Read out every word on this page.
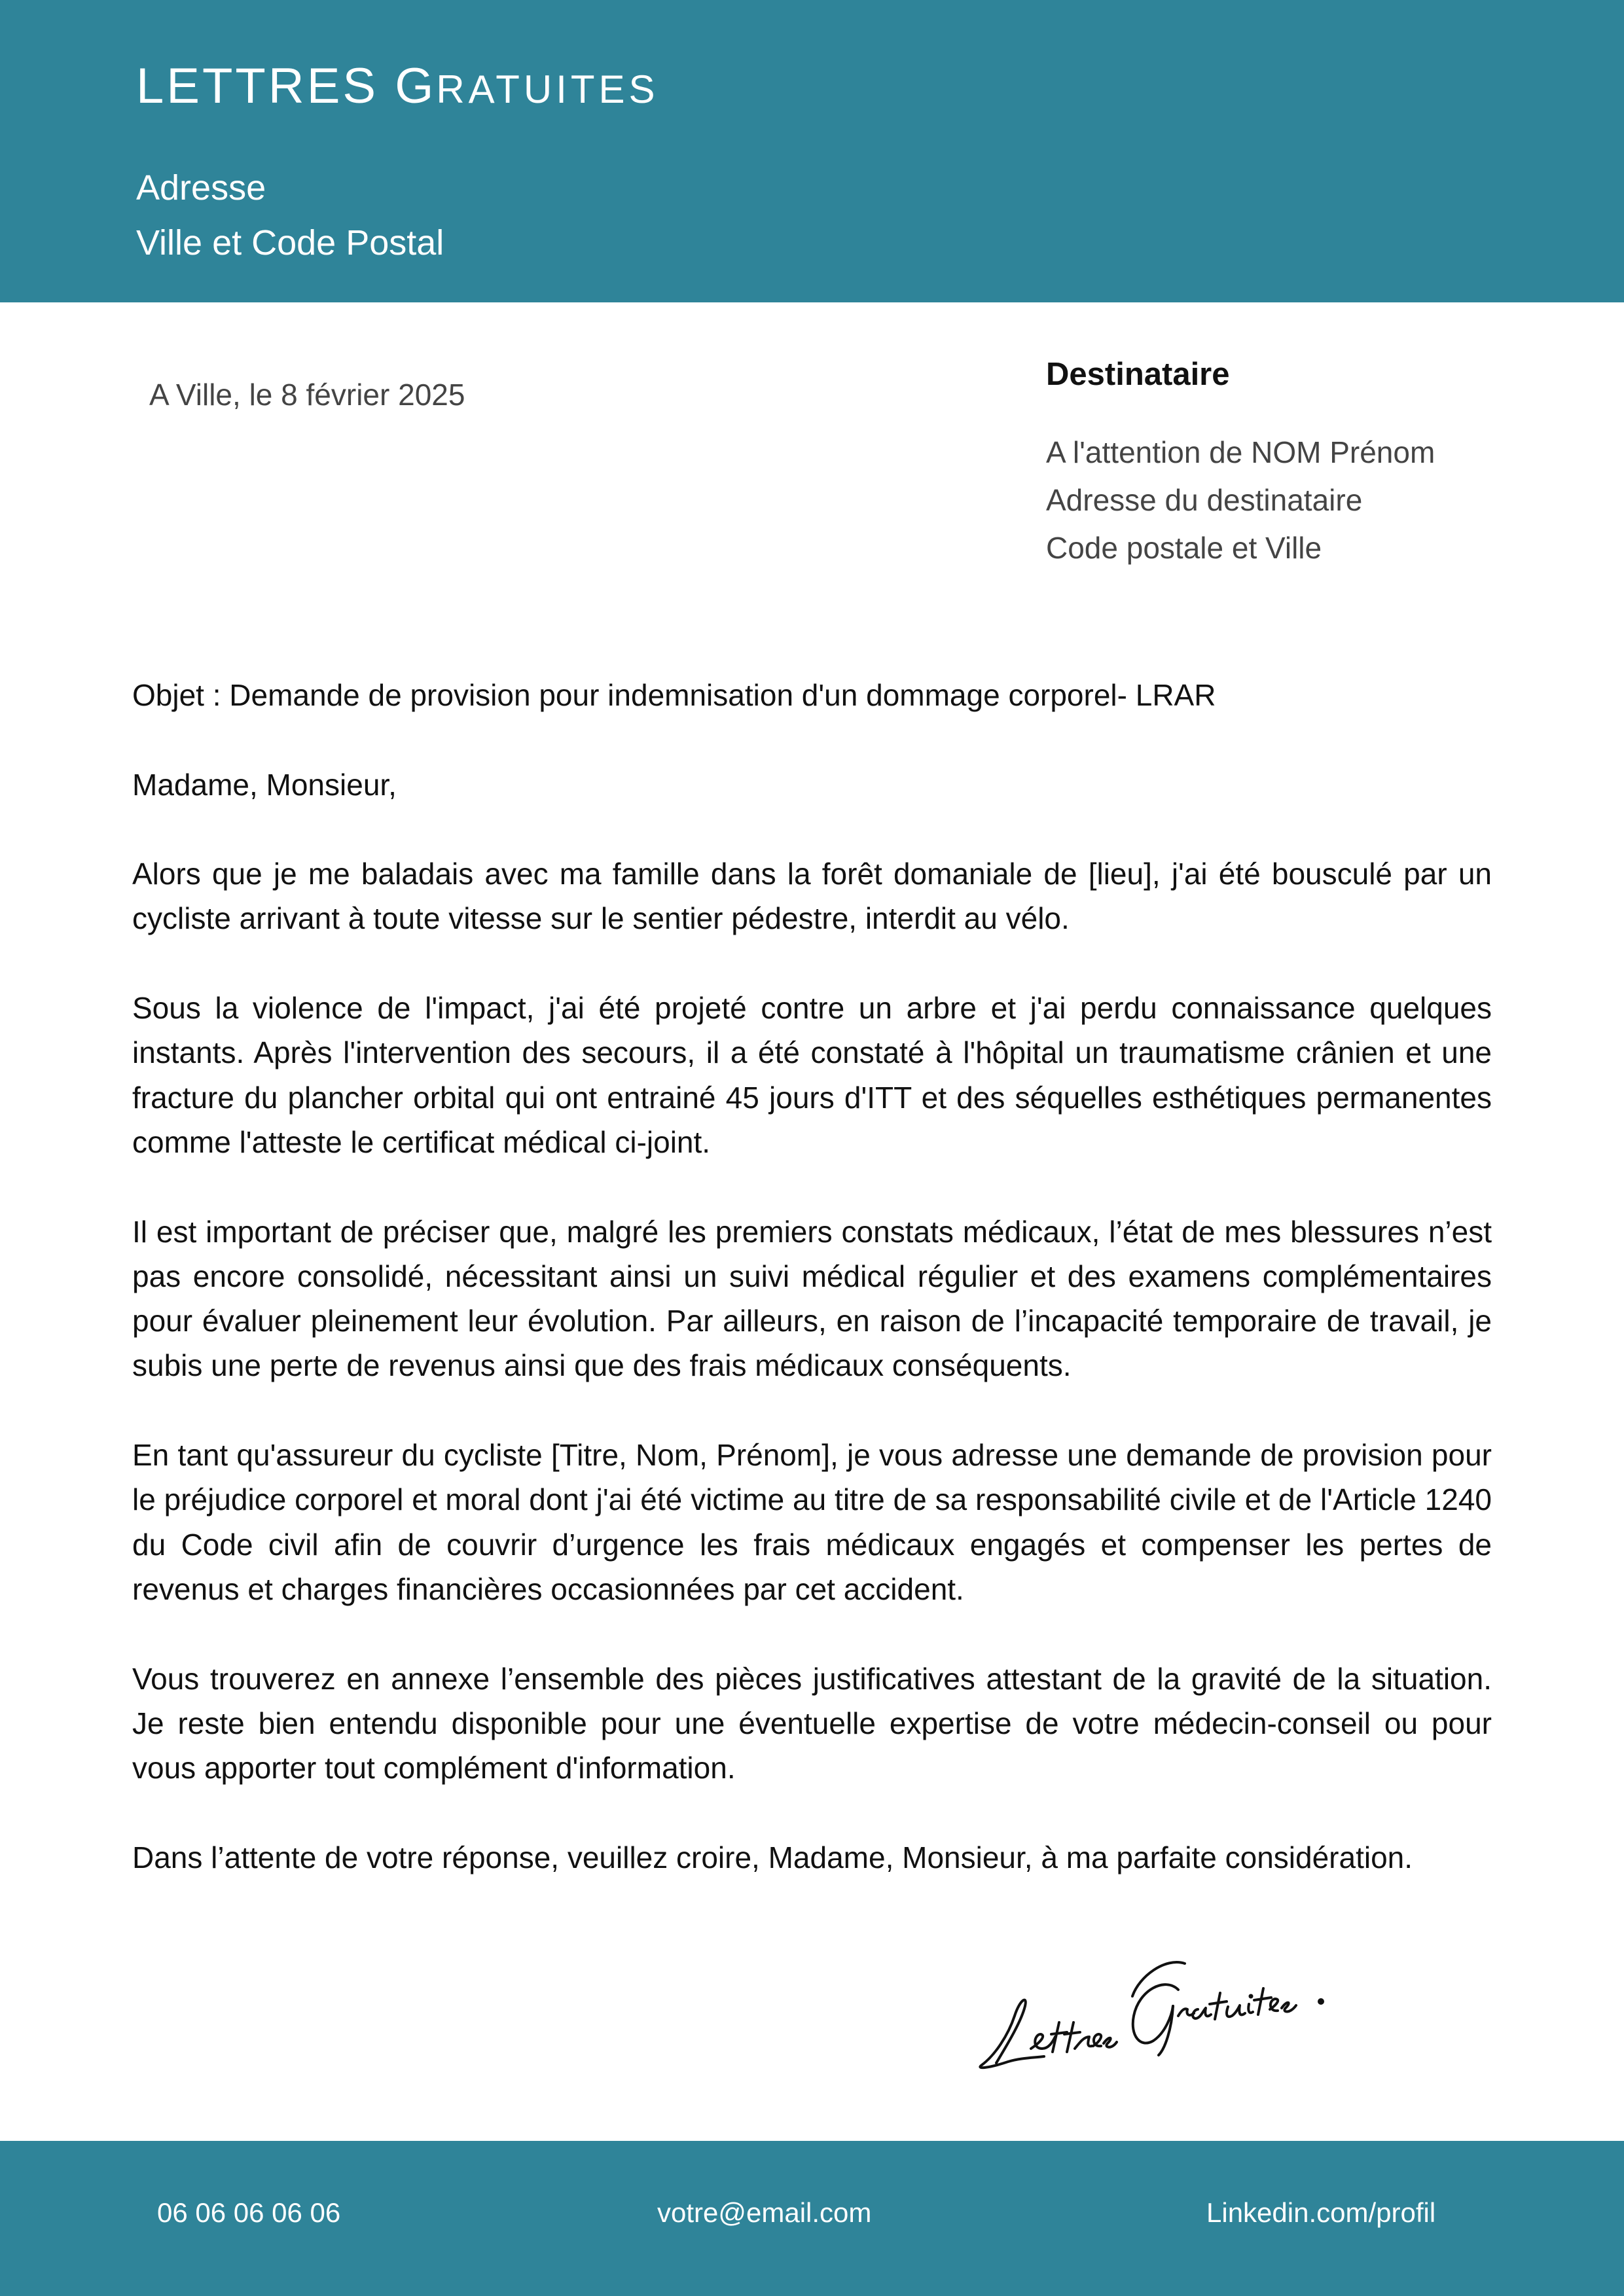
LETTRES GRATUITES
Adresse
Ville et Code Postal
A Ville, le 8 février 2025
Destinataire
A l'attention de NOM Prénom
Adresse du destinataire
Code postale et Ville

Objet : Demande de provision pour indemnisation d'un dommage corporel- LRAR

Madame, Monsieur,

Alors que je me baladais avec ma famille dans la forêt domaniale de [lieu], j'ai été bousculé par un cycliste arrivant à toute vitesse sur le sentier pédestre, interdit au vélo.

Sous la violence de l'impact, j'ai été projeté contre un arbre et j'ai perdu connaissance quelques instants. Après l'intervention des secours, il a été constaté à l'hôpital un traumatisme crânien et une fracture du plancher orbital qui ont entrainé 45 jours d'ITT et des séquelles esthétiques permanentes comme l'atteste le certificat médical ci-joint.

Il est important de préciser que, malgré les premiers constats médicaux, l’état de mes blessures n’est pas encore consolidé, nécessitant ainsi un suivi médical régulier et des examens complémentaires pour évaluer pleinement leur évolution. Par ailleurs, en raison de l’incapacité temporaire de travail, je subis une perte de revenus ainsi que des frais médicaux conséquents.

En tant qu'assureur du cycliste [Titre, Nom, Prénom], je vous adresse une demande de provision pour le préjudice corporel et moral dont j'ai été victime au titre de sa responsabilité civile et de l'Article 1240 du Code civil afin de couvrir d’urgence les frais médicaux engagés et compenser les pertes de revenus et charges financières occasionnées par cet accident.

Vous trouverez en annexe l’ensemble des pièces justificatives attestant de la gravité de la situation. Je reste bien entendu disponible pour une éventuelle expertise de votre médecin-conseil ou pour vous apporter tout complément d'information.

Dans l’attente de votre réponse, veuillez croire, Madame, Monsieur, à ma parfaite considération.

06 06 06 06 06	votre@email.com	Linkedin.com/profil
